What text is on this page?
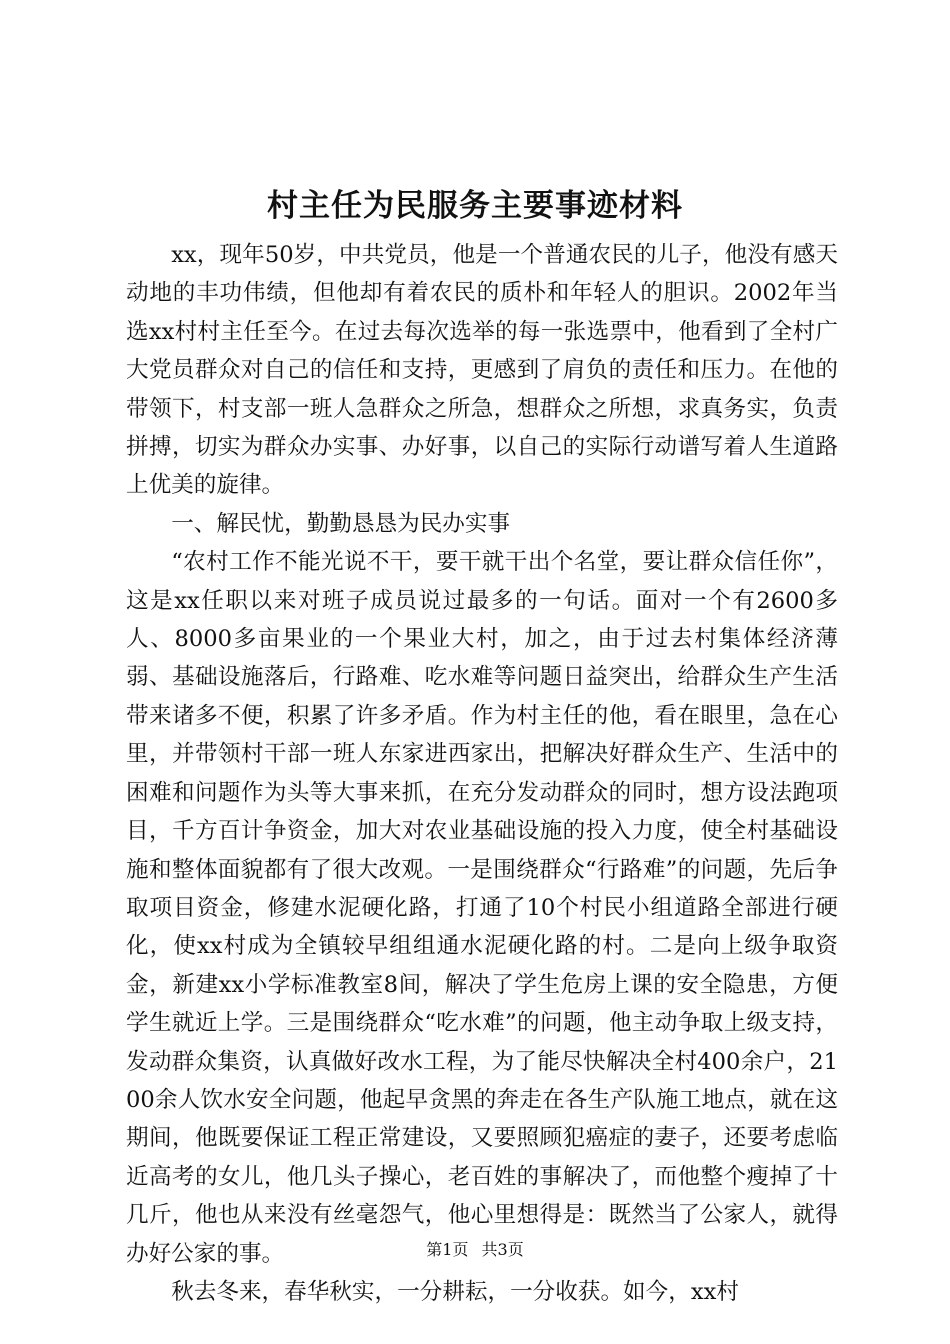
村主任为民服务主要事迹材料

xx，现年50岁，中共党员，他是一个普通农民的儿子，他没有感天动地的丰功伟绩，但他却有着农民的质朴和年轻人的胆识。2002年当选xx村村主任至今。在过去每次选举的每一张选票中，他看到了全村广大党员群众对自己的信任和支持，更感到了肩负的责任和压力。在他的带领下，村支部一班人急群众之所急，想群众之所想，求真务实，负责拼搏，切实为群众办实事、办好事，以自己的实际行动谱写着人生道路上优美的旋律。

一、解民忧，勤勤恳恳为民办实事

“农村工作不能光说不干，要干就干出个名堂，要让群众信任你”，这是xx任职以来对班子成员说过最多的一句话。面对一个有2600多人、8000多亩果业的一个果业大村，加之，由于过去村集体经济薄弱、基础设施落后，行路难、吃水难等问题日益突出，给群众生产生活带来诸多不便，积累了许多矛盾。作为村主任的他，看在眼里，急在心里，并带领村干部一班人东家进西家出，把解决好群众生产、生活中的困难和问题作为头等大事来抓，在充分发动群众的同时，想方设法跑项目，千方百计争资金，加大对农业基础设施的投入力度，使全村基础设施和整体面貌都有了很大改观。一是围绕群众“行路难”的问题，先后争取项目资金，修建水泥硬化路，打通了10个村民小组道路全部进行硬化，使xx村成为全镇较早组组通水泥硬化路的村。二是向上级争取资金，新建xx小学标准教室8间，解决了学生危房上课的安全隐患，方便学生就近上学。三是围绕群众“吃水难”的问题，他主动争取上级支持，发动群众集资，认真做好改水工程，为了能尽快解决全村400余户，2100余人饮水安全问题，他起早贪黑的奔走在各生产队施工地点，就在这期间，他既要保证工程正常建设，又要照顾犯癌症的妻子，还要考虑临近高考的女儿，他几头子操心，老百姓的事解决了，而他整个瘦掉了十几斤，他也从来没有丝毫怨气，他心里想得是：既然当了公家人，就得办好公家的事。

秋去冬来，春华秋实，一分耕耘，一分收获。如今，xx村

第1页 共3页
